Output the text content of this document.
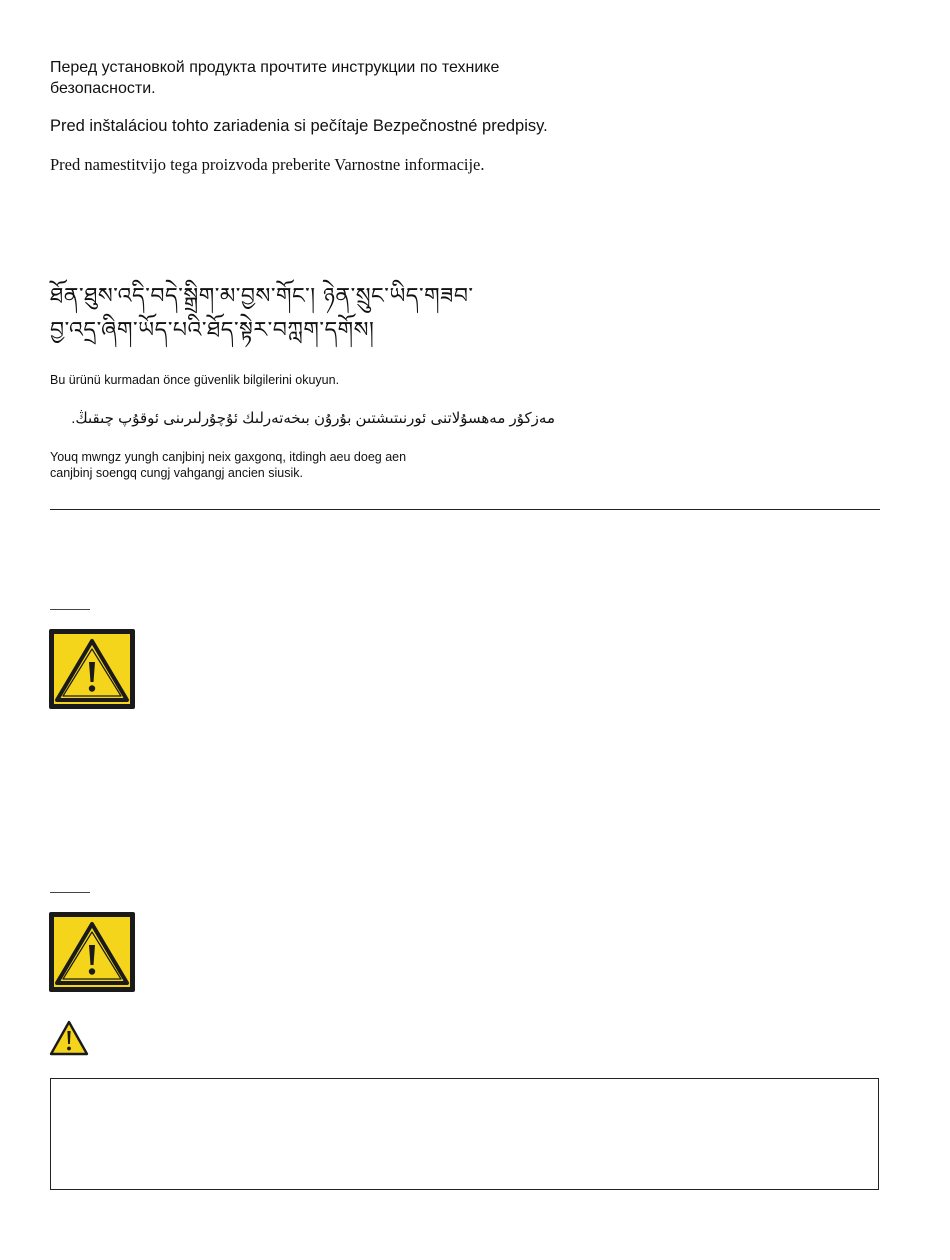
Перед установкой продукта прочтите инструкции по технике безопасности.

Pred inštaláciou tohto zariadenia si pečítaje Bezpečnostné predpisy.

Pred namestitvijo tega proizvoda preberite Varnostne informacije.

ཐོན་ཐུས་འདི་བདེ་སྒྲིག་མ་བྱས་གོང་། ཉེན་སྲུང་ཡིད་གཟབ་
བྱ་འདྲ་ཞིག་ཡོད་པའི་ཐོད་སྟེར་བཀླག་དགོས།

Bu ürünü kurmadan önce güvenlik bilgilerini okuyun.

مەزكۇر مەھسۇلاتنى ئورنىتىشتىن بۇرۇن بىخەتەرلىك ئۇچۇرلىرىنى ئوقۇپ چىقىڭ.

Youq mwngz yungh canjbinj neix gaxgonq, itdingh aeu doeg aen
canjbinj soengq cungj vahgangj ancien siusik.
